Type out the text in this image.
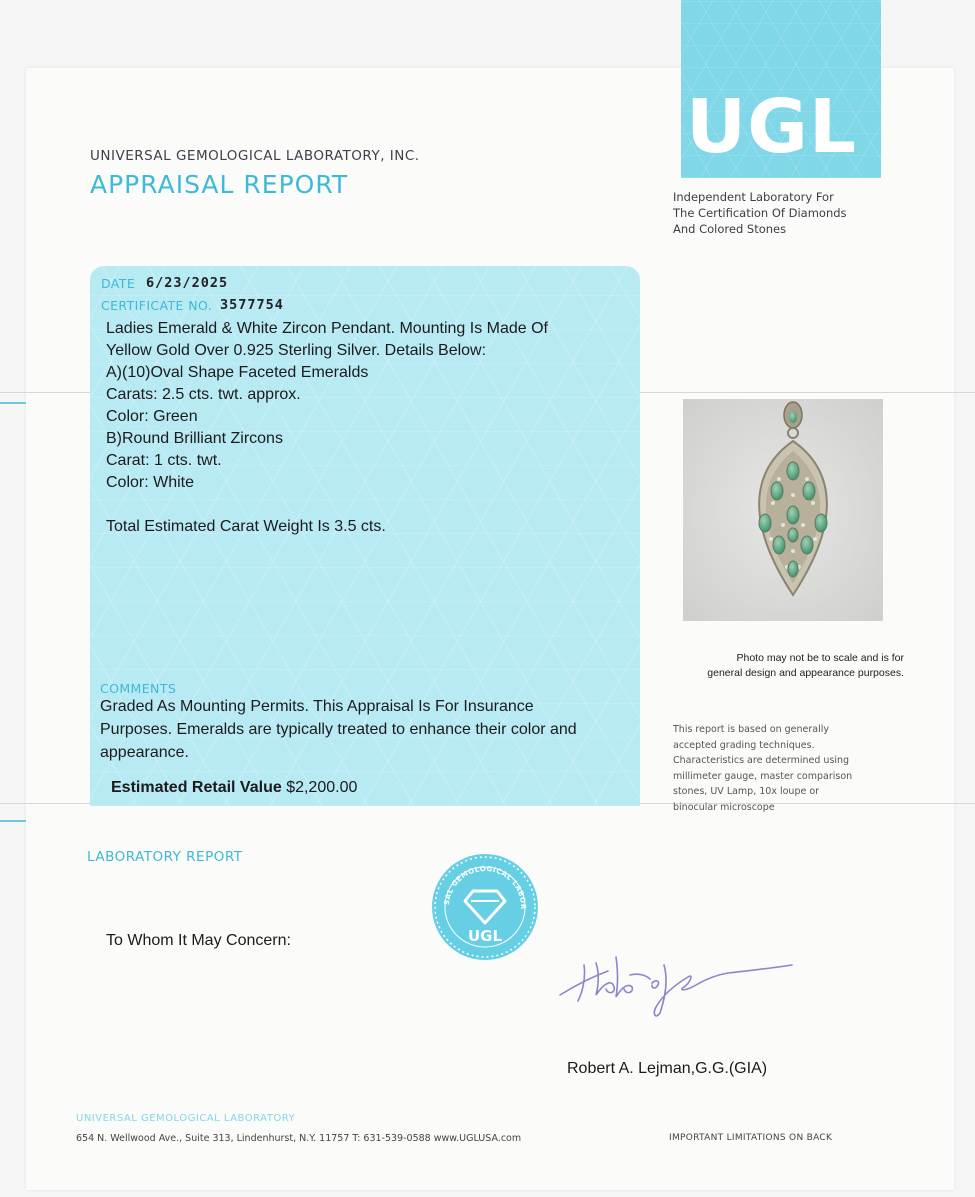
UGL
Independent Laboratory For
The Certification Of Diamonds
And Colored Stones
UNIVERSAL GEMOLOGICAL LABORATORY, INC.
APPRAISAL REPORT
DATE 6/23/2025
CERTIFICATE NO. 3577754
Ladies Emerald & White Zircon Pendant. Mounting Is Made Of
Yellow Gold Over 0.925 Sterling Silver. Details Below:
A)(10)Oval Shape Faceted Emeralds
Carats: 2.5 cts. twt. approx.
Color: Green
B)Round Brilliant Zircons
Carat: 1 cts. twt.
Color: White
Total Estimated Carat Weight Is 3.5 cts.
COMMENTS
Graded As Mounting Permits. This Appraisal Is For Insurance
Purposes. Emeralds are typically treated to enhance their color and
appearance.
Estimated Retail Value $2,200.00
Photo may not be to scale and is for
general design and appearance purposes.
This report is based on generally
accepted grading techniques.
Characteristics are determined using
millimeter gauge, master comparison
stones, UV Lamp, 10x loupe or
binocular microscope
LABORATORY REPORT
To Whom It May Concern:
SAL GEMOLOGICAL LABOR
UGL
Robert A. Lejman,G.G.(GIA)
UNIVERSAL GEMOLOGICAL LABORATORY
654 N. Wellwood Ave., Suite 313, Lindenhurst, N.Y. 11757 T: 631-539-0588 www.UGLUSA.com	IMPORTANT LIMITATIONS ON BACK
